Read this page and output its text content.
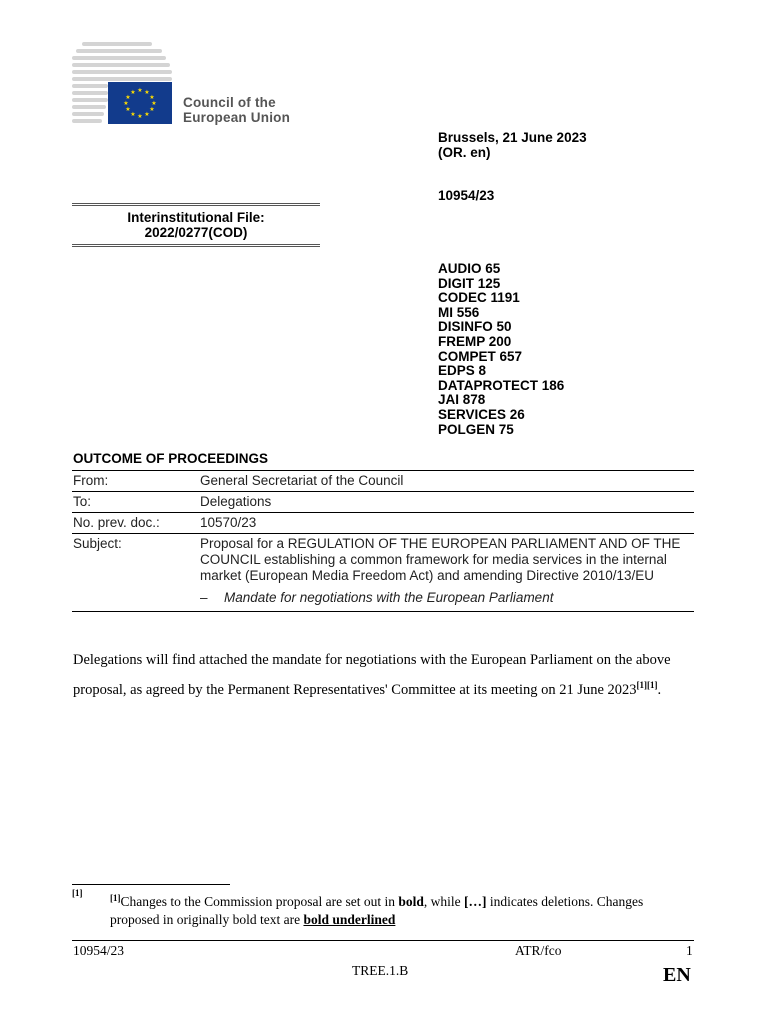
★ ★
★
★
★
★
★
★
★
★
★
★
Council of the
European Union
Brussels, 21 June 2023
(OR. en)
10954/23
Interinstitutional File:
2022/0277(COD)
AUDIO 65
DIGIT 125
CODEC 1191
MI 556
DISINFO 50
FREMP 200
COMPET 657
EDPS 8
DATAPROTECT 186
JAI 878
SERVICES 26
POLGEN 75
OUTCOME OF PROCEEDINGS
From:	General Secretariat of the Council
To:	Delegations
No. prev. doc.:	10570/23
Subject:	Proposal for a REGULATION OF THE EUROPEAN PARLIAMENT AND OF THE COUNCIL establishing a common framework for media services in the internal market (European Media Freedom Act) and amending Directive 2010/13/EU
–	Mandate for negotiations with the European Parliament
Delegations will find attached the mandate for negotiations with the European Parliament on the above proposal, as agreed by the Permanent Representatives' Committee at its meeting on 21 June 2023[1][1].
[1]	[1]Changes to the Commission proposal are set out in bold, while […] indicates deletions. Changes proposed in originally bold text are bold underlined
10954/23	ATR/fco	1
TREE.1.B	EN
